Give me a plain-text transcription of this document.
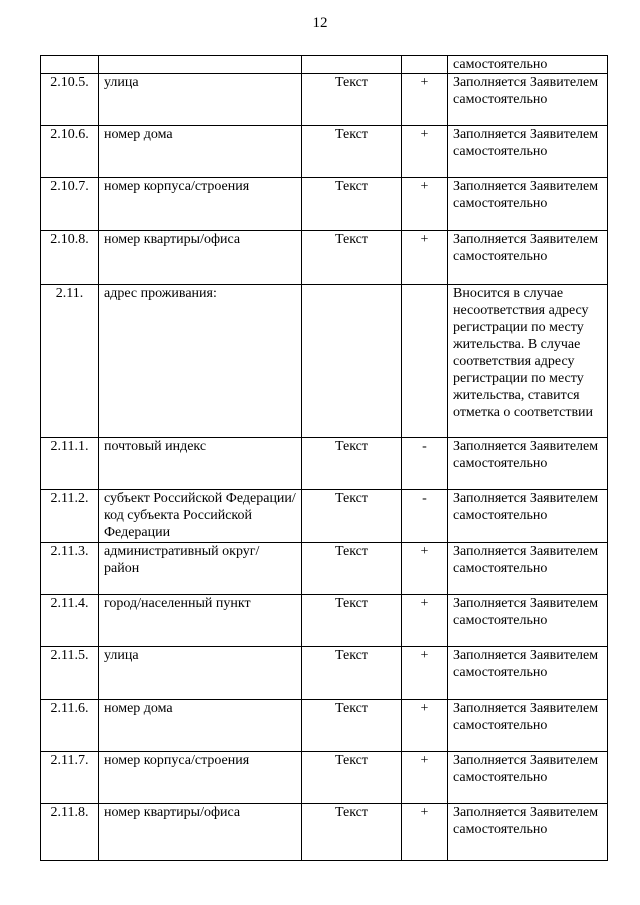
12
				самостоятельно
2.10.5.	улица	Текст	+	Заполняется Заявителем самостоятельно
2.10.6.	номер дома	Текст	+	Заполняется Заявителем самостоятельно
2.10.7.	номер корпуса/строения	Текст	+	Заполняется Заявителем самостоятельно
2.10.8.	номер квартиры/офиса	Текст	+	Заполняется Заявителем самостоятельно
2.11.	адрес проживания:			Вносится в случае несоответствия адресу регистрации по месту жительства. В случае соответствия адресу регистрации по месту жительства, ставится отметка о соответствии
2.11.1.	почтовый индекс	Текст	-	Заполняется Заявителем самостоятельно
2.11.2.	субъект Российской Федерации/код субъекта Российской Федерации	Текст	-	Заполняется Заявителем самостоятельно
2.11.3.	административный округ/ район	Текст	+	Заполняется Заявителем самостоятельно
2.11.4.	город/населенный пункт	Текст	+	Заполняется Заявителем самостоятельно
2.11.5.	улица	Текст	+	Заполняется Заявителем самостоятельно
2.11.6.	номер дома	Текст	+	Заполняется Заявителем самостоятельно
2.11.7.	номер корпуса/строения	Текст	+	Заполняется Заявителем самостоятельно
2.11.8.	номер квартиры/офиса	Текст	+	Заполняется Заявителем самостоятельно
